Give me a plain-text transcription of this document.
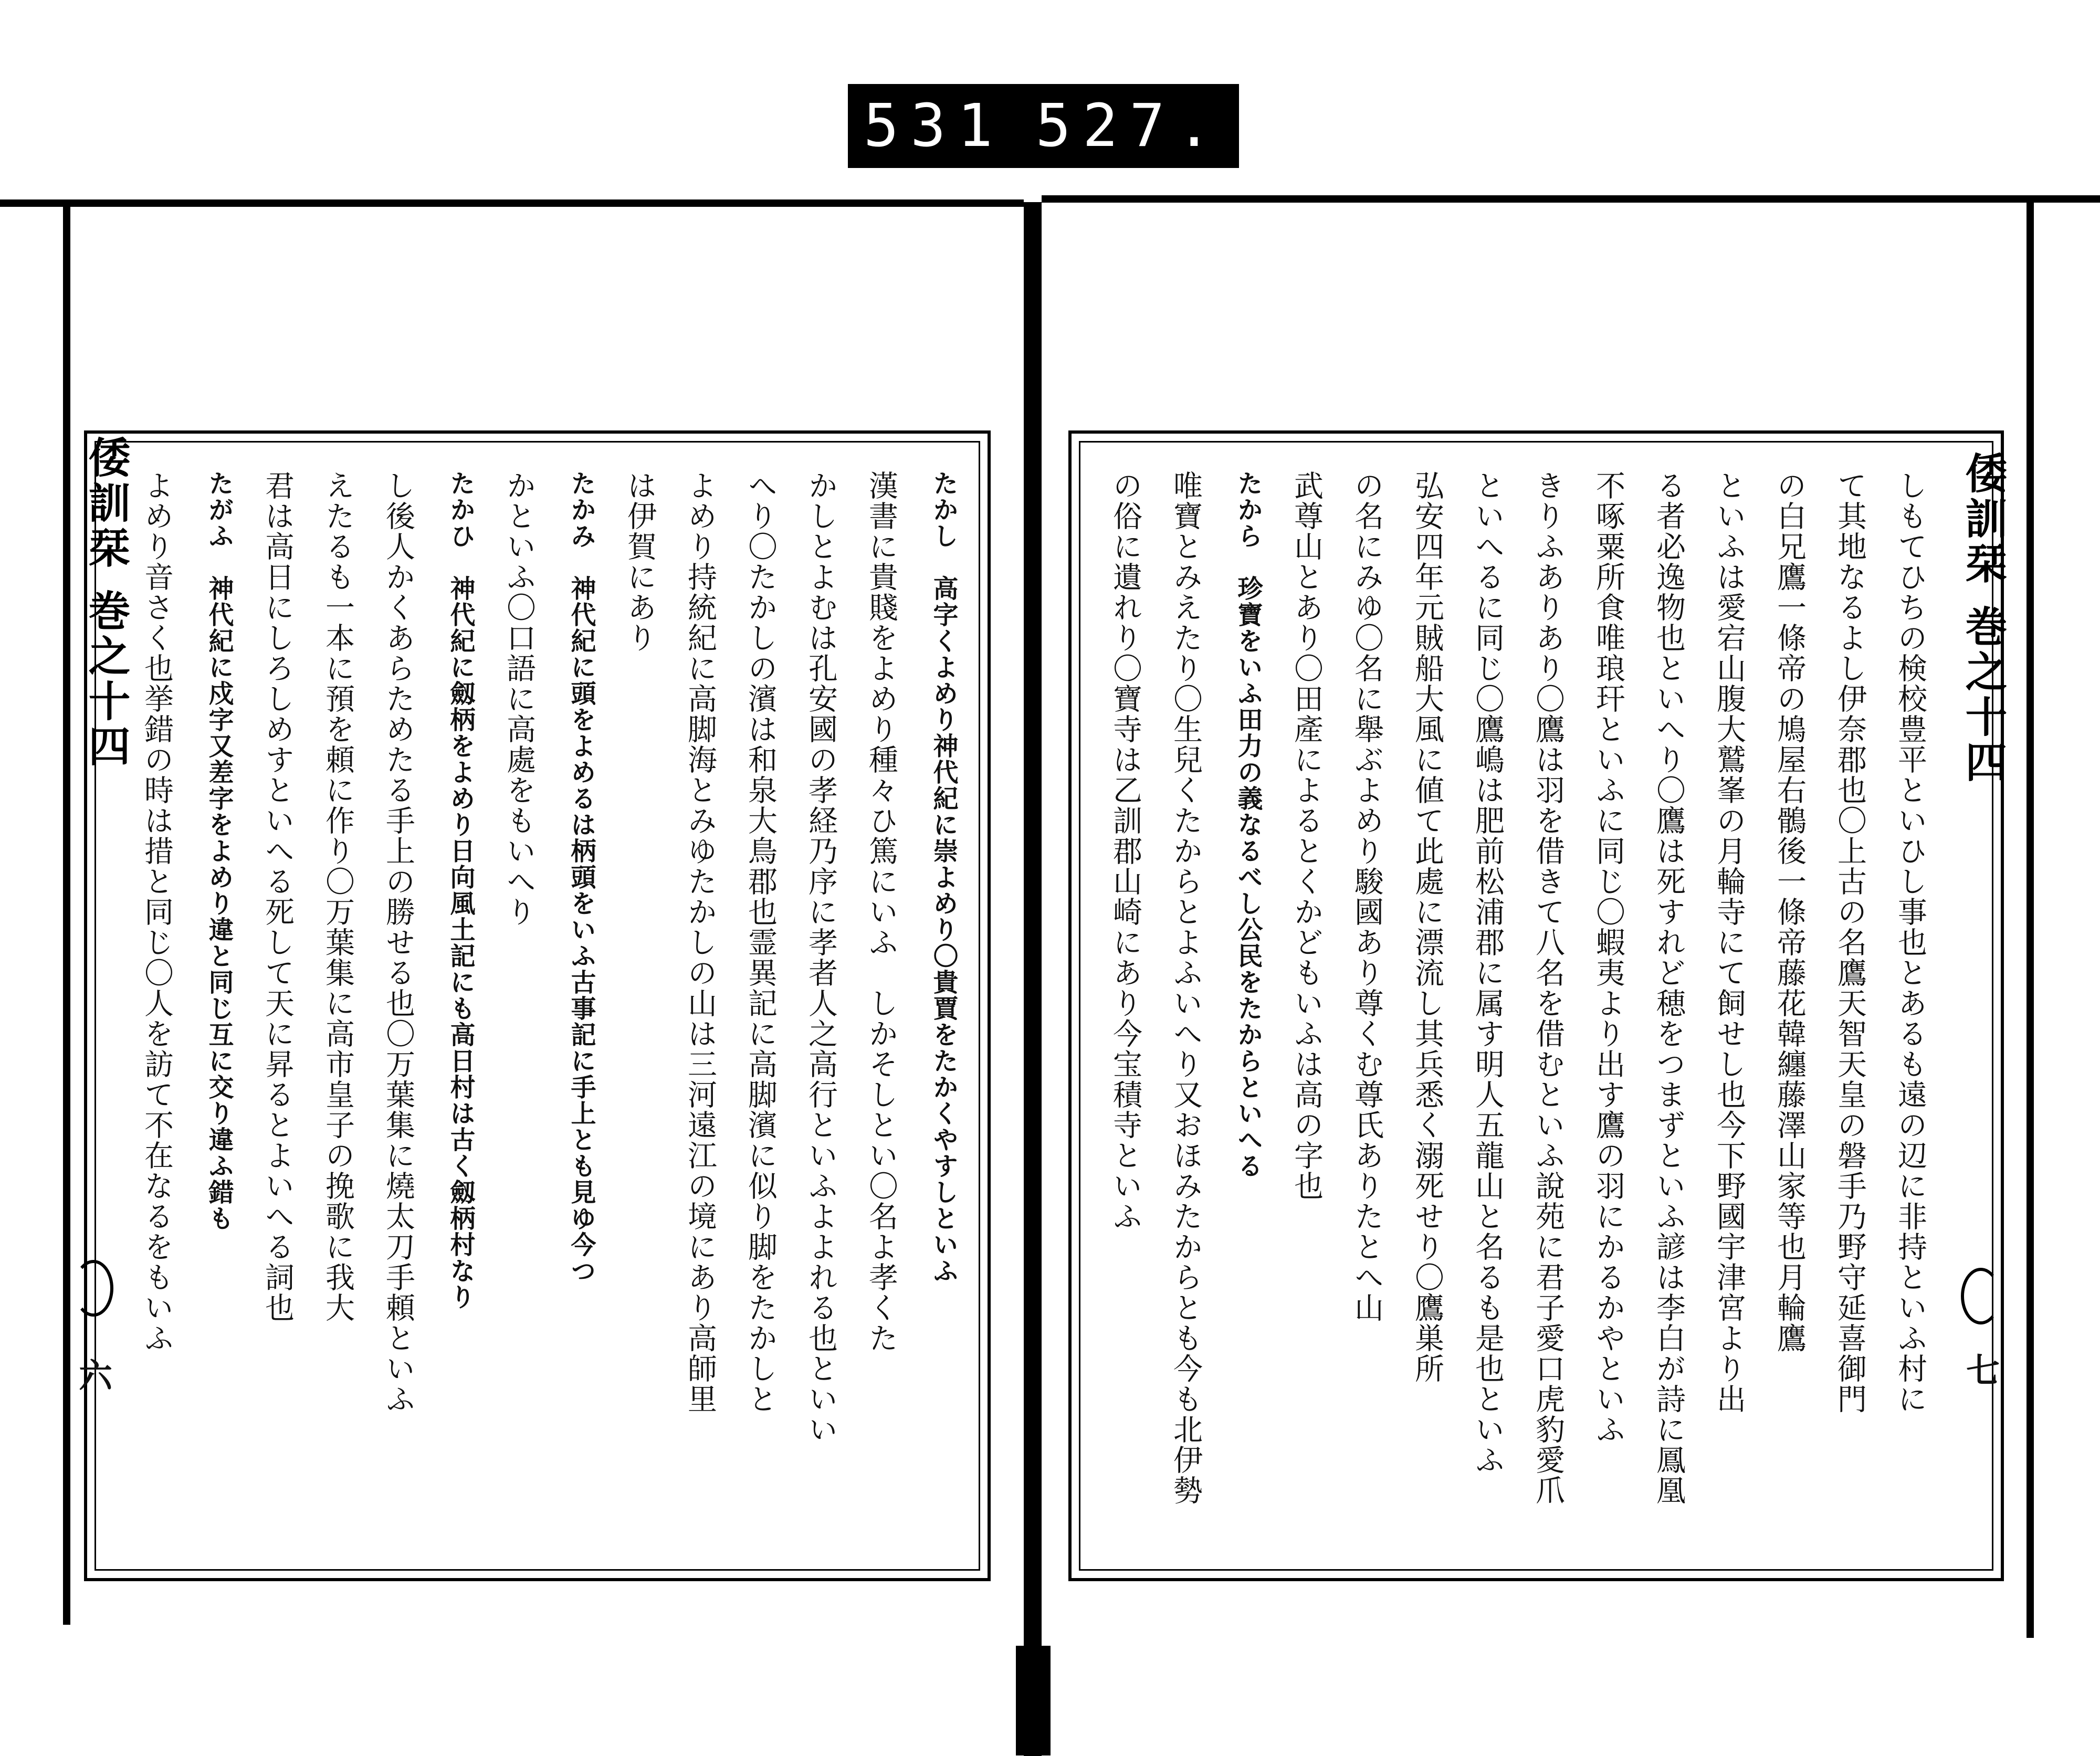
531 527.
たかし　高字くよめり神代紀に崇よめり〇貴賈をたかくやすしといふ
漢書に貴賤をよめり種々ひ篤にいふ　しかそしとい〇名よ孝くた
かしとよむは孔安國の孝経乃序に孝者人之高行といふよよれる也といい
へり〇たかしの濱は和泉大鳥郡也霊異記に高脚濱に似り脚をたかしと
よめり持統紀に高脚海とみゆたかしの山は三河遠江の境にあり高師里
は伊賀にあり
たかみ　神代紀に頭をよめるは柄頭をいふ古事記に手上とも見ゆ今つ
かといふ〇口語に高處をもいへり
たかひ　神代紀に劔柄をよめり日向風土記にも高日村は古く劔柄村なり
し後人かくあらためたる手上の勝せる也〇万葉集に燒太刀手頼といふ
えたるも一本に預を頼に作り〇万葉集に高市皇子の挽歌に我大
君は高日にしろしめすといへる死して天に昇るとよいへる詞也
たがふ　神代紀に戍字又差字をよめり違と同じ互に交り違ふ錯も
よめり音さく也挙錯の時は措と同じ〇人を訪て不在なるをもいふ
倭訓栞 巻之十四
六	しもてひちの検校豊平といひし事也とあるも遠の辺に非持といふ村に
て其地なるよし伊奈郡也〇上古の名鷹天智天皇の磐手乃野守延喜御門
の白兄鷹一條帝の鳩屋右鶻後一條帝藤花韓纏藤澤山家等也月輪鷹
といふは愛宕山腹大鷲峯の月輪寺にて飼せし也今下野國宇津宮より出
る者必逸物也といへり〇鷹は死すれど穂をつまずといふ諺は李白が詩に鳳凰
不啄粟所食唯琅玕といふに同じ〇蝦夷より出す鷹の羽にかるかやといふ
きりふありあり〇鷹は羽を借きて八名を借むといふ說苑に君子愛口虎豹愛爪
といへるに同じ〇鷹嶋は肥前松浦郡に属す明人五龍山と名るも是也といふ
弘安四年元賊船大風に値て此處に漂流し其兵悉く溺死せり〇鷹巣所
の名にみゆ〇名に舉ぶよめり駿國あり尊くむ尊氏ありたとへ山
武尊山とあり〇田產によるとくかどもいふは高の字也
たから　珍寶をいふ田力の義なるべし公民をたからといへる
唯寶とみえたり〇生兒くたからとよふいへり又おほみたからとも今も北伊勢
の俗に遺れり〇寶寺は乙訓郡山崎にあり今宝積寺といふ	倭訓栞 巻之十四
七
